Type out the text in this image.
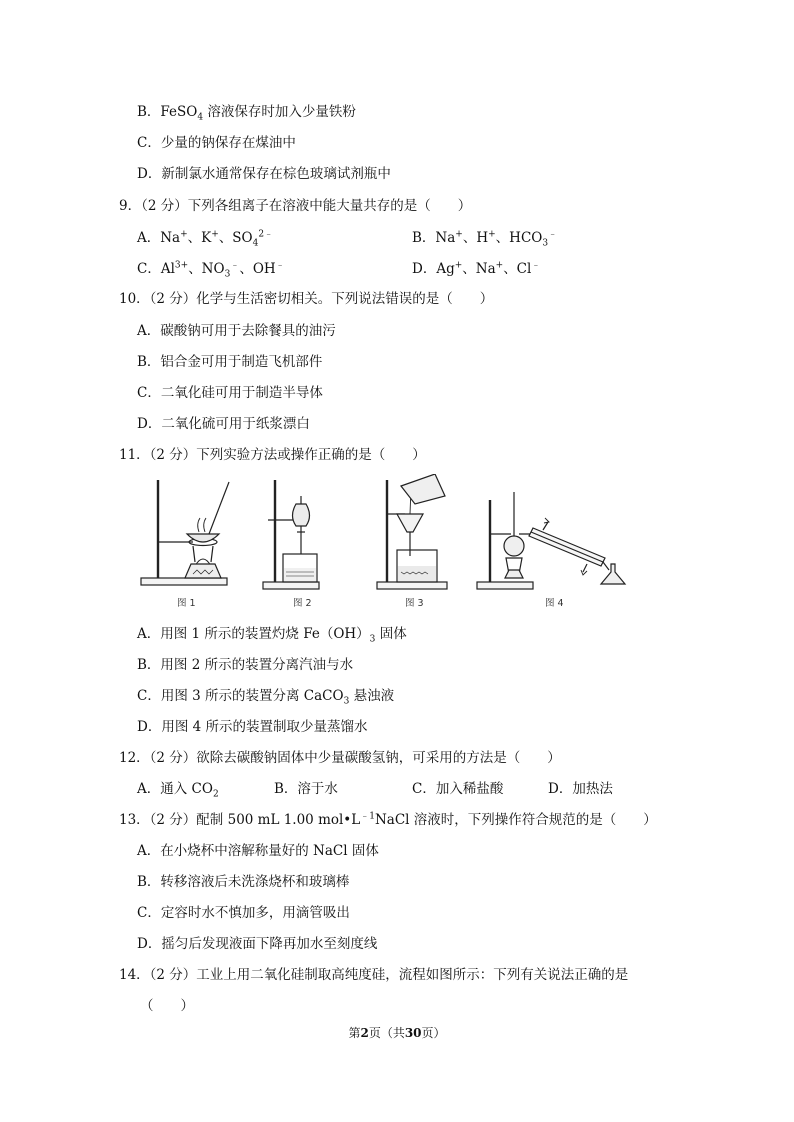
B．FeSO$_4$ 溶液保存时加入少量铁粉
C．少量的钠保存在煤油中
D．新制氯水通常保存在棕色玻璃试剂瓶中
9．（2 分）下列各组离子在溶液中能大量共存的是（　　）
A．Na+、K+、$SO_4^{2﹣}$	B．Na+、H+、$HCO_3^﹣$
C．$Al^{3+}$、$NO_3^﹣$、OH﹣	D．Ag+、Na+、Cl﹣
10．（2 分）化学与生活密切相关。下列说法错误的是（　　）
A．碳酸钠可用于去除餐具的油污
B．铝合金可用于制造飞机部件
C．二氧化硅可用于制造半导体
D．二氧化硫可用于纸浆漂白
11．（2 分）下列实验方法或操作正确的是（　　）
图 1	图 2	图 3	图 4
A．用图 1 所示的装置灼烧 $Fe(OH)_3$ 固体
B．用图 2 所示的装置分离汽油与水
C．用图 3 所示的装置分离 CaCO$_3$ 悬浊液
D．用图 4 所示的装置制取少量蒸馏水
12．（2 分）欲除去碳酸钠固体中少量碳酸氢钠，可采用的方法是（　　）
A．通入 $CO_2$	B．溶于水	C．加入稀盐酸	D．加热法
13．（2 分）配制 500 mL 1.00 $mol•L^{﹣1}NaCl$ 溶液时，下列操作符合规范的是（　　）
A．在小烧杯中溶解称量好的 NaCl 固体
B．转移溶液后未洗涤烧杯和玻璃棒
C．定容时水不慎加多，用滴管吸出
D．摇匀后发现液面下降再加水至刻度线
14．（2 分）工业上用二氧化硅制取高纯度硅，流程如图所示：下列有关说法正确的是
（　　）
第2页（共30页）
